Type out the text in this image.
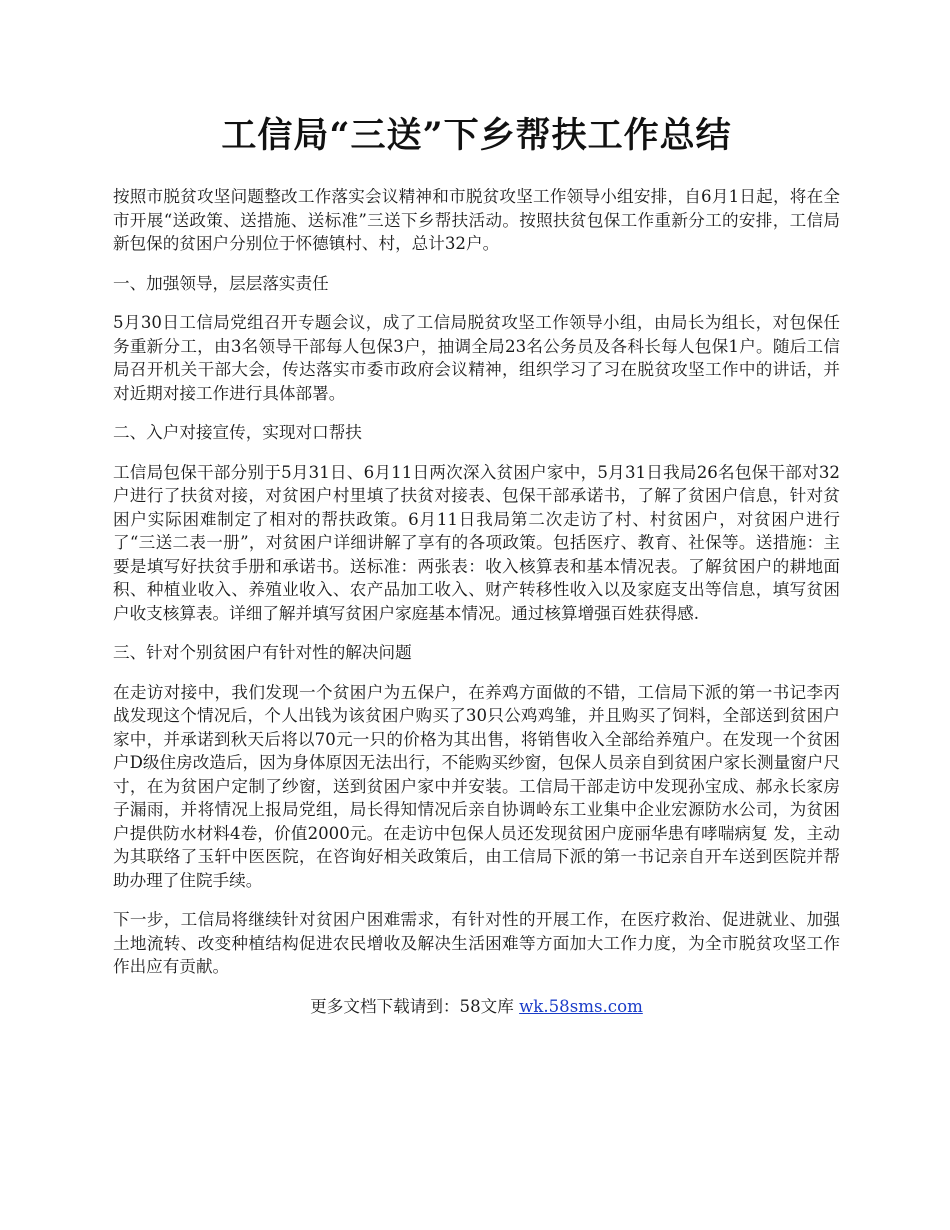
工信局“三送”下乡帮扶工作总结

按照市脱贫攻坚问题整改工作落实会议精神和市脱贫攻坚工作领导小组安排，自6月1日起，将在全市开展“送政策、送措施、送标准”三送下乡帮扶活动。按照扶贫包保工作重新分工的安排，工信局新包保的贫困户分别位于怀德镇村、村，总计32户。

一、加强领导，层层落实责任

5月30日工信局党组召开专题会议，成了工信局脱贫攻坚工作领导小组，由局长为组长，对包保任务重新分工，由3名领导干部每人包保3户，抽调全局23名公务员及各科长每人包保1户。随后工信局召开机关干部大会，传达落实市委市政府会议精神，组织学习了习在脱贫攻坚工作中的讲话，并对近期对接工作进行具体部署。

二、入户对接宣传，实现对口帮扶

工信局包保干部分别于5月31日、6月11日两次深入贫困户家中，5月31日我局26名包保干部对32户进行了扶贫对接，对贫困户村里填了扶贫对接表、包保干部承诺书，了解了贫困户信息，针对贫困户实际困难制定了相对的帮扶政策。6月11日我局第二次走访了村、村贫困户，对贫困户进行了“三送二表一册”，对贫困户详细讲解了享有的各项政策。包括医疗、教育、社保等。送措施：主要是填写好扶贫手册和承诺书。送标准：两张表：收入核算表和基本情况表。了解贫困户的耕地面积、种植业收入、养殖业收入、农产品加工收入、财产转移性收入以及家庭支出等信息，填写贫困户收支核算表。详细了解并填写贫困户家庭基本情况。通过核算增强百姓获得感.

三、针对个别贫困户有针对性的解决问题

在走访对接中，我们发现一个贫困户为五保户，在养鸡方面做的不错，工信局下派的第一书记李丙战发现这个情况后，个人出钱为该贫困户购买了30只公鸡鸡雏，并且购买了饲料，全部送到贫困户家中，并承诺到秋天后将以70元一只的价格为其出售，将销售收入全部给养殖户。在发现一个贫困户D级住房改造后，因为身体原因无法出行，不能购买纱窗，包保人员亲自到贫困户家长测量窗户尺寸，在为贫困户定制了纱窗，送到贫困户家中并安装。工信局干部走访中发现孙宝成、郝永长家房子漏雨，并将情况上报局党组，局长得知情况后亲自协调岭东工业集中企业宏源防水公司，为贫困户提供防水材料4卷，价值2000元。在走访中包保人员还发现贫困户庞丽华患有哮喘病复 发，主动为其联络了玉轩中医医院，在咨询好相关政策后，由工信局下派的第一书记亲自开车送到医院并帮助办理了住院手续。

下一步，工信局将继续针对贫困户困难需求，有针对性的开展工作，在医疗救治、促进就业、加强土地流转、改变种植结构促进农民增收及解决生活困难等方面加大工作力度，为全市脱贫攻坚工作作出应有贡献。

更多文档下载请到：58文库 wk.58sms.com
